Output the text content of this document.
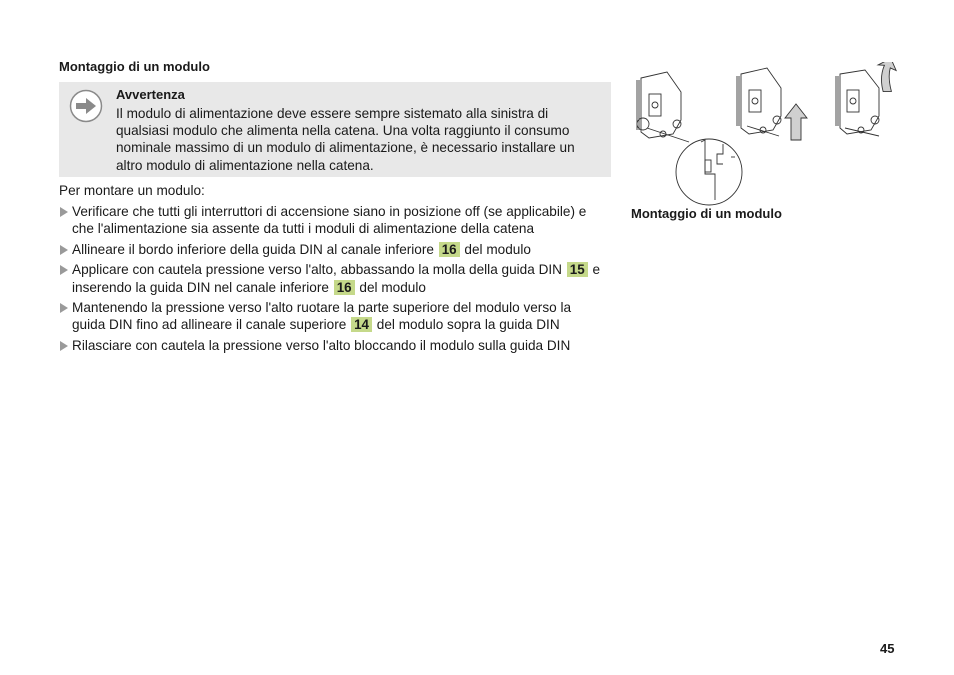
Montaggio di un modulo
Avvertenza
Il modulo di alimentazione deve essere sempre sistemato alla sinistra di
qualsiasi modulo che alimenta nella catena. Una volta raggiunto il consumo
nominale massimo di un modulo di alimentazione, è necessario installare un
altro modulo di alimentazione nella catena.
Per montare un modulo:
Verificare che tutti gli interruttori di accensione siano in posizione off (se applicabile) e
che l'alimentazione sia assente da tutti i moduli di alimentazione della catena
Allineare il bordo inferiore della guida DIN al canale inferiore 16 del modulo
Applicare con cautela pressione verso l'alto, abbassando la molla della guida DIN 15 e
inserendo la guida DIN nel canale inferiore 16 del modulo
Mantenendo la pressione verso l'alto ruotare la parte superiore del modulo verso la
guida DIN fino ad allineare il canale superiore 14 del modulo sopra la guida DIN
Rilasciare con cautela la pressione verso l'alto bloccando il modulo sulla guida DIN
Montaggio di un modulo
45
